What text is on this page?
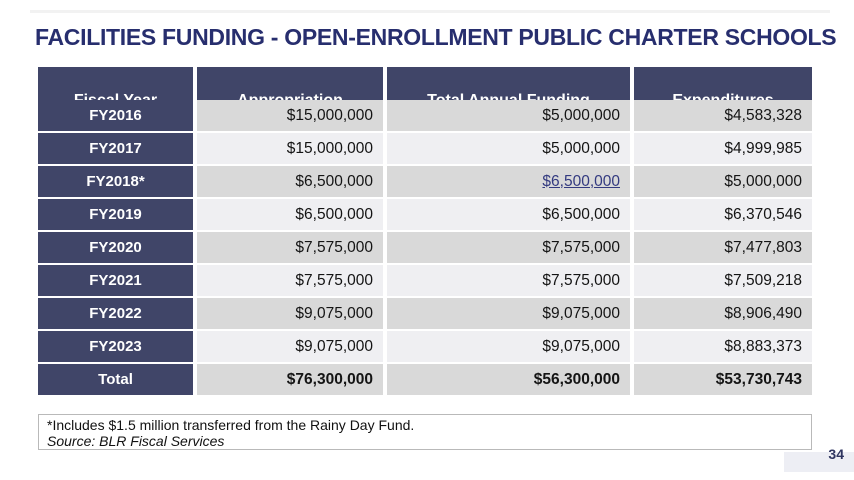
FACILITIES FUNDING - OPEN-ENROLLMENT PUBLIC CHARTER SCHOOLS
FY2016	$15,000,000	$5,000,000	$4,583,328
FY2017	$15,000,000	$5,000,000	$4,999,985
FY2018*	$6,500,000	$6,500,000	$5,000,000
FY2019	$6,500,000	$6,500,000	$6,370,546
FY2020	$7,575,000	$7,575,000	$7,477,803
FY2021	$7,575,000	$7,575,000	$7,509,218
FY2022	$9,075,000	$9,075,000	$8,906,490
FY2023	$9,075,000	$9,075,000	$8,883,373
Total	$76,300,000	$56,300,000	$53,730,743
*Includes $1.5 million transferred from the Rainy Day Fund.
Source: BLR Fiscal Services
34
